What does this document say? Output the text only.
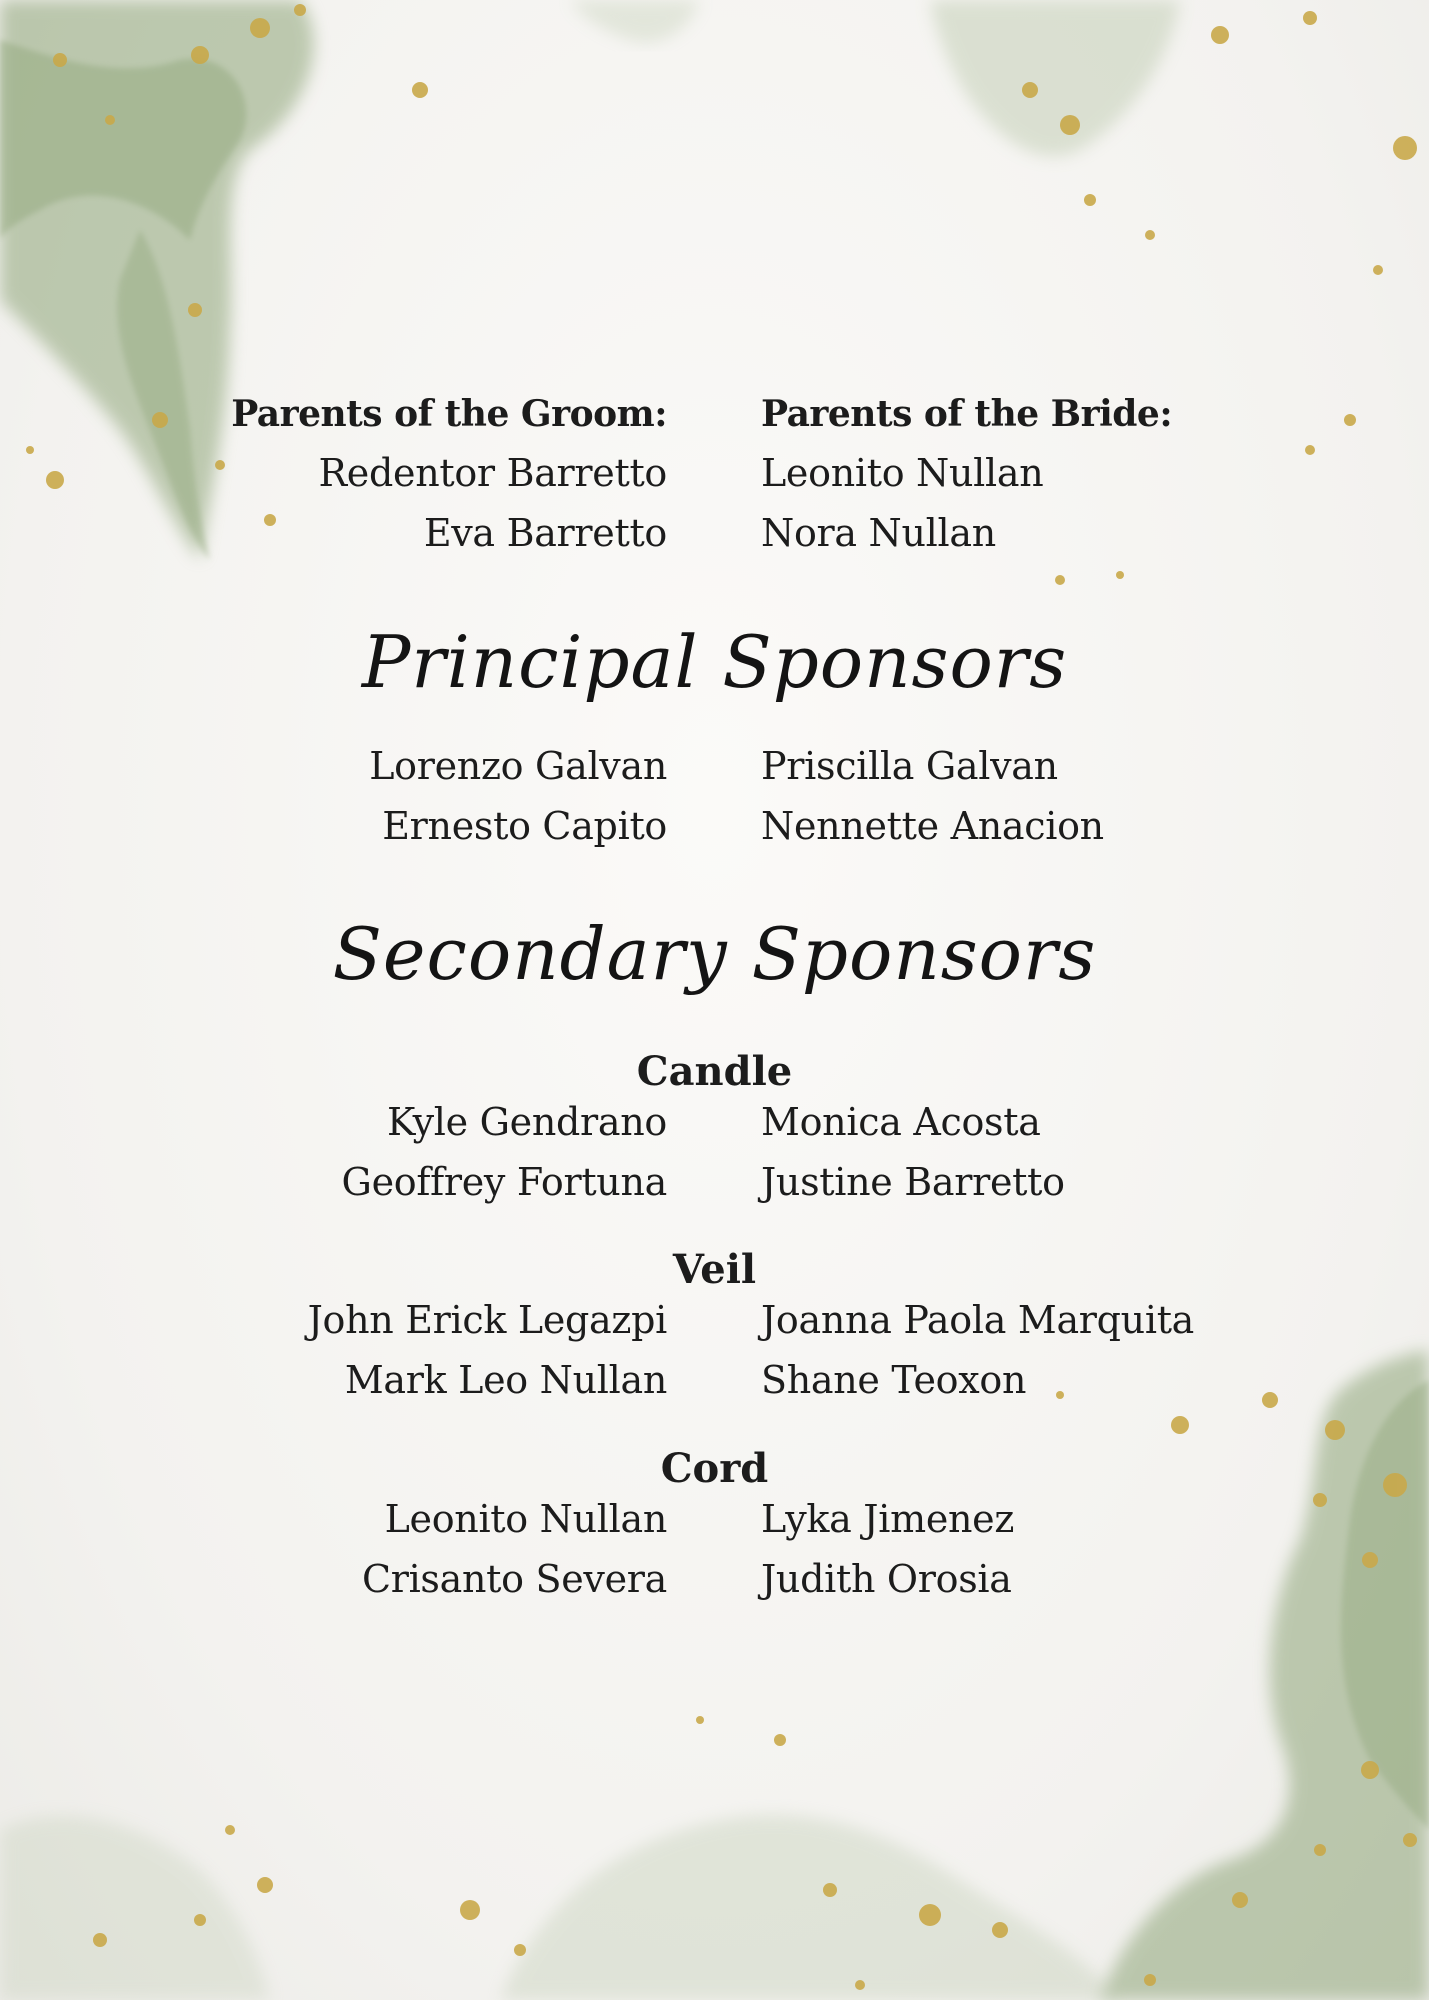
Parents of the Groom:	Parents of the Bride:
Redentor Barretto
Eva Barretto
Leonito Nullan
Nora Nullan
Principal Sponsors
Lorenzo Galvan
Ernesto Capito
Priscilla Galvan
Nennette Anacion
Secondary Sponsors
Candle
Kyle Gendrano
Geoffrey Fortuna
Monica Acosta
Justine Barretto
Veil
John Erick Legazpi
Mark Leo Nullan
Joanna Paola Marquita
Shane Teoxon
Cord
Leonito Nullan
Crisanto Severa
Lyka Jimenez
Judith Orosia
